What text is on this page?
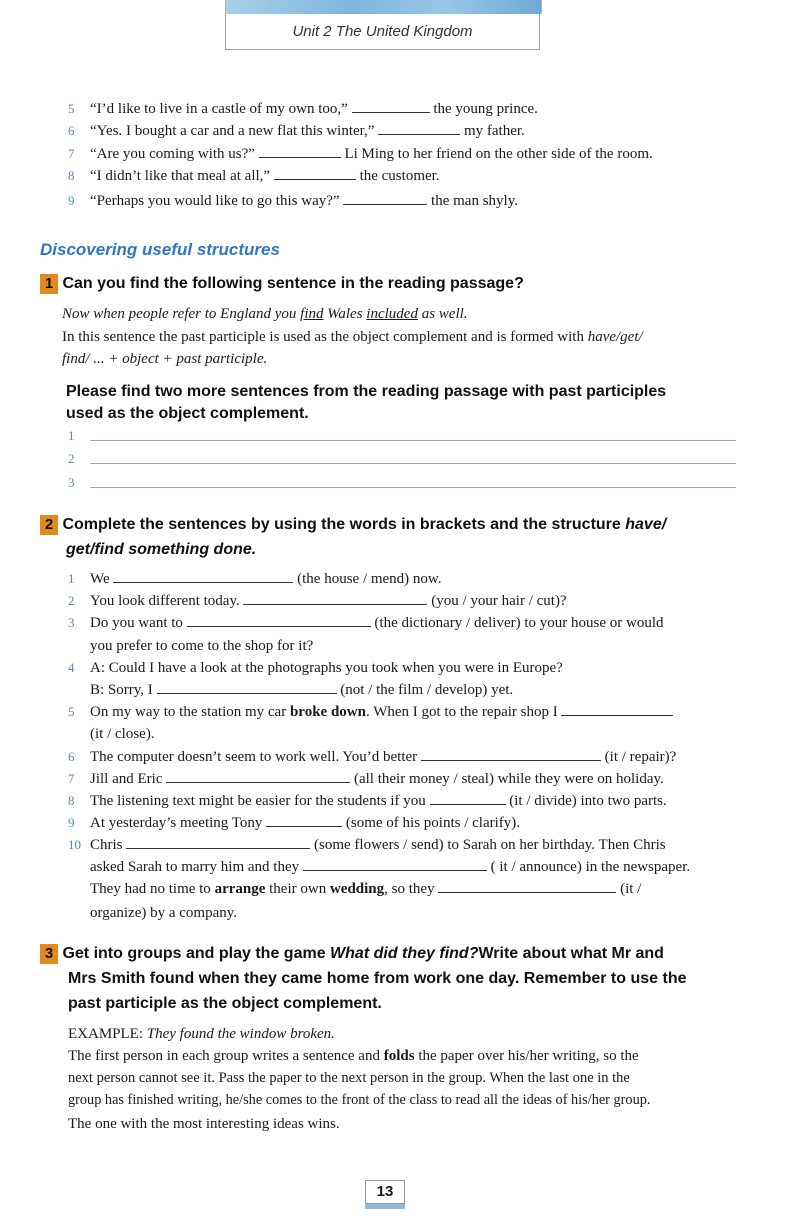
Unit 2 The United Kingdom
5 “I’d like to live in a castle of my own too,”	the young prince.
6 “Yes. I bought a car and a new flat this winter,”	my father.
7 “Are you coming with us?”	Li Ming to her friend on the other side of the room.
8 “I didn’t like that meal at all,”	the customer.
9 “Perhaps you would like to go this way?”	the man shyly.
Discovering useful structures
1 Can you find the following sentence in the reading passage?
Now when people refer to England you find Wales included as well.
In this sentence the past participle is used as the object complement and is formed with have/get/
find/ ... + object + past participle.
Please find two more sentences from the reading passage with past participles
used as the object complement.
1
2
3
2 Complete the sentences by using the words in brackets and the structure have/
get/find something done.
1 We	(the house / mend) now.
2 You look different today.	(you / your hair / cut)?
3 Do you want to	(the dictionary / deliver) to your house or would
you prefer to come to the shop for it?
4 A: Could I have a look at the photographs you took when you were in Europe?
B: Sorry, I	(not / the film / develop) yet.
5 On my way to the station my car broke down. When I got to the repair shop I
(it / close).
6 The computer doesn’t seem to work well. You’d better	(it / repair)?
7 Jill and Eric	(all their money / steal) while they were on holiday.
8 The listening text might be easier for the students if you	(it / divide) into two parts.
9 At yesterday’s meeting Tony	(some of his points / clarify).
10 Chris	(some flowers / send) to Sarah on her birthday. Then Chris
asked Sarah to marry him and they	( it / announce) in the newspaper.
They had no time to arrange their own wedding, so they	(it /
organize) by a company.
3 Get into groups and play the game What did they find?Write about what Mr and
Mrs Smith found when they came home from work one day. Remember to use the
past participle as the object complement.
EXAMPLE: They found the window broken.
The first person in each group writes a sentence and folds the paper over his/her writing, so the
next person cannot see it. Pass the paper to the next person in the group. When the last one in the
group has finished writing, he/she comes to the front of the class to read all the ideas of his/her group.
The one with the most interesting ideas wins.
13
